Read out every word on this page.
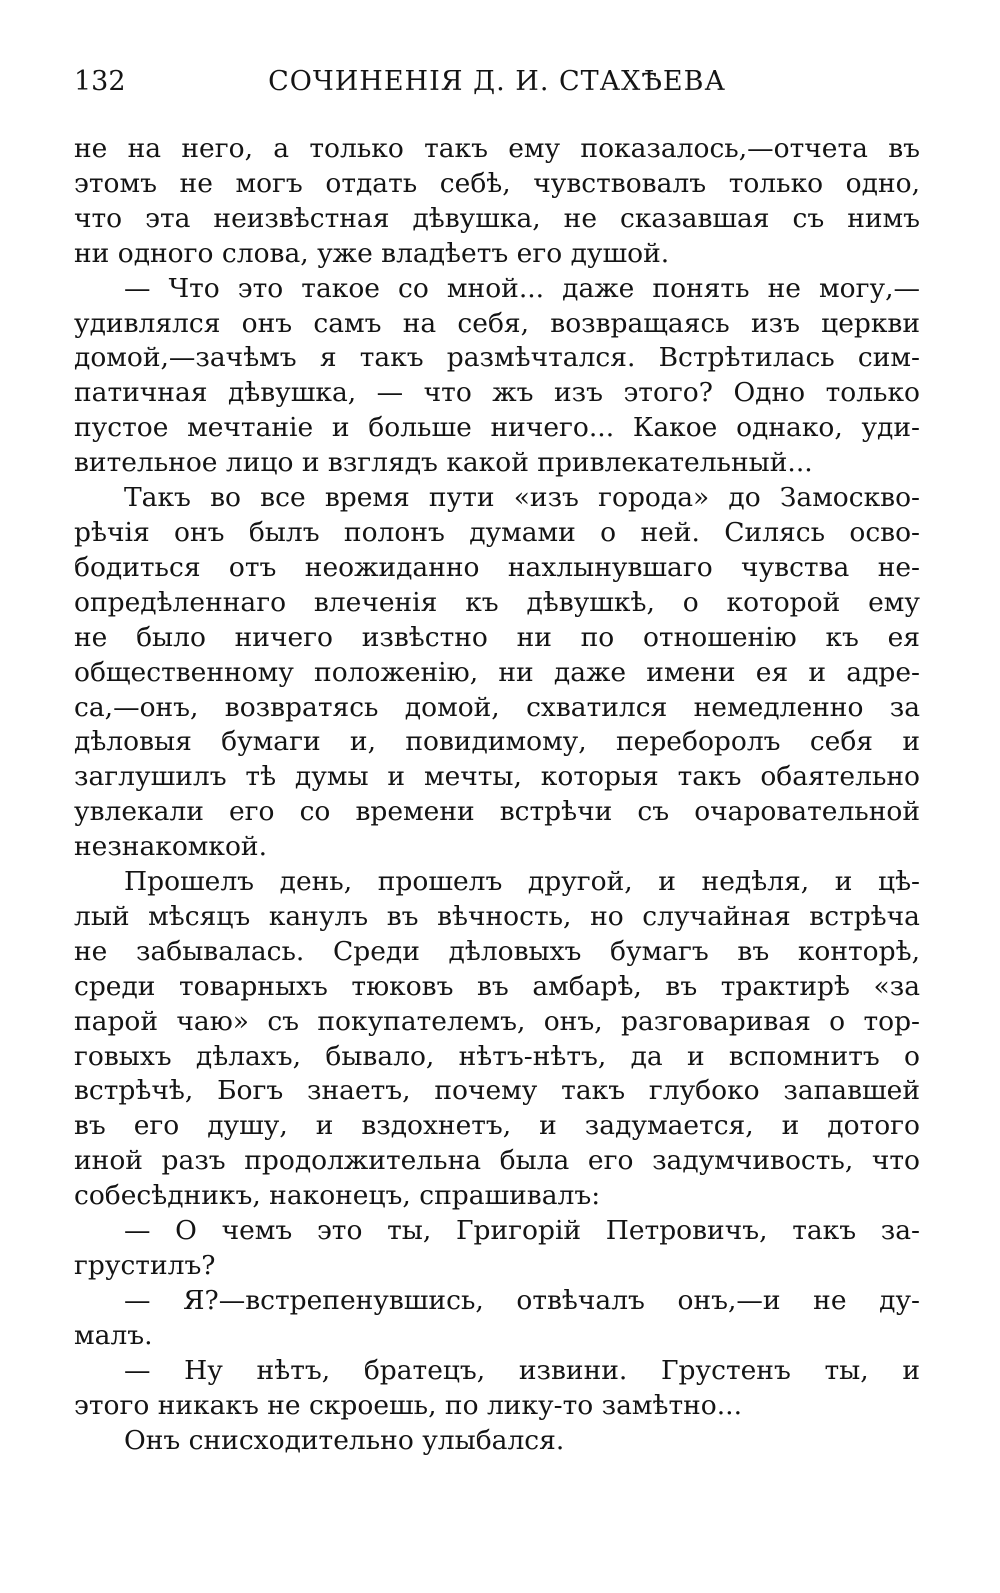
132	СОЧИНЕНІЯ Д. И. СТАХѢЕВА
не на него, а только такъ ему показалось,—отчета въ
этомъ не могъ отдать себѣ, чувствовалъ только одно,
что эта неизвѣстная дѣвушка, не сказавшая съ нимъ
ни одного слова, уже владѣетъ его душой.
— Что это такое со мной... даже понять не могу,—
удивлялся онъ самъ на себя, возвращаясь изъ церкви
домой,—зачѣмъ я такъ размѣчтался. Встрѣтилась сим-
патичная дѣвушка, — что жъ изъ этого? Одно только
пустое мечтаніе и больше ничего... Какое однако, уди-
вительное лицо и взглядъ какой привлекательный...
Такъ во все время пути «изъ города» до Замоскво-
рѣчія онъ былъ полонъ думами о ней. Силясь осво-
бодиться отъ неожиданно нахлынувшаго чувства не-
опредѣленнаго влеченія къ дѣвушкѣ, о которой ему
не было ничего извѣстно ни по отношенію къ ея
общественному положенію, ни даже имени ея и адре-
са,—онъ, возвратясь домой, схватился немедленно за
дѣловыя бумаги и, повидимому, переборолъ себя и
заглушилъ тѣ думы и мечты, которыя такъ обаятельно
увлекали его со времени встрѣчи съ очаровательной
незнакомкой.
Прошелъ день, прошелъ другой, и недѣля, и цѣ-
лый мѣсяцъ канулъ въ вѣчность, но случайная встрѣча
не забывалась. Среди дѣловыхъ бумагъ въ конторѣ,
среди товарныхъ тюковъ въ амбарѣ, въ трактирѣ «за
парой чаю» съ покупателемъ, онъ, разговаривая о тор-
говыхъ дѣлахъ, бывало, нѣтъ-нѣтъ, да и вспомнитъ о
встрѣчѣ, Богъ знаетъ, почему такъ глубоко запавшей
въ его душу, и вздохнетъ, и задумается, и дотого
иной разъ продолжительна была его задумчивость, что
собесѣдникъ, наконецъ, спрашивалъ:
— О чемъ это ты, Григорій Петровичъ, такъ за-
грустилъ?
— Я?—встрепенувшись, отвѣчалъ онъ,—и не ду-
малъ.
— Ну нѣтъ, братецъ, извини. Грустенъ ты, и
этого никакъ не скроешь, по лику-то замѣтно...
Онъ снисходительно улыбался.
